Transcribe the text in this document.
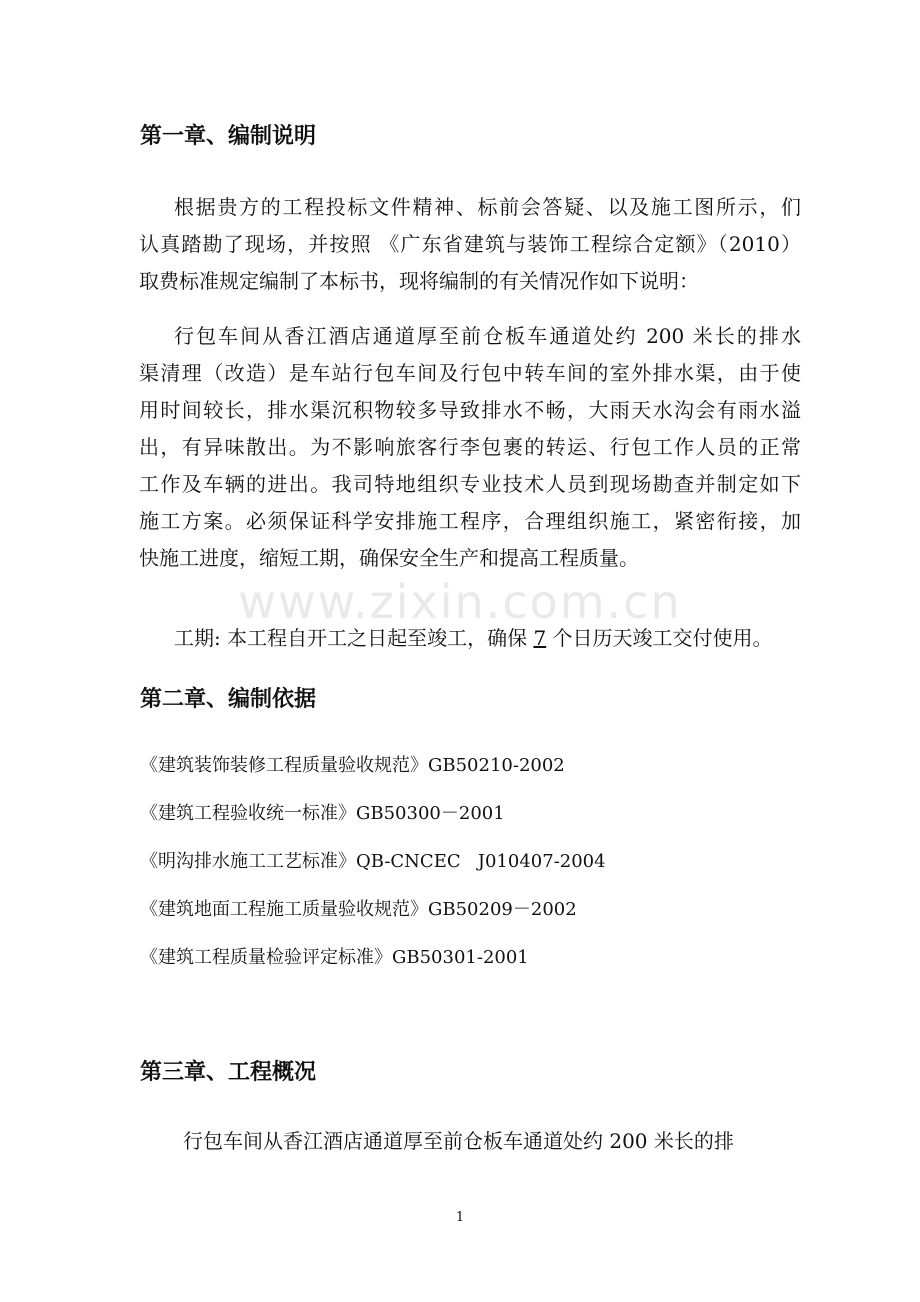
www.zixin.com.cn
第一章、编制说明
根据贵方的工程投标文件精神、标前会答疑、以及施工图所示，们
认真踏勘了现场，并按照 《广东省建筑与装饰工程综合定额》（2010）
取费标准规定编制了本标书，现将编制的有关情况作如下说明：
行包车间从香江酒店通道厚至前仓板车通道处约 200 米长的排水
渠清理（改造）是车站行包车间及行包中转车间的室外排水渠，由于使
用时间较长，排水渠沉积物较多导致排水不畅，大雨天水沟会有雨水溢
出，有异味散出。为不影响旅客行李包裹的转运、行包工作人员的正常
工作及车辆的进出。我司特地组织专业技术人员到现场勘查并制定如下
施工方案。必须保证科学安排施工程序，合理组织施工，紧密衔接，加
快施工进度，缩短工期，确保安全生产和提高工程质量。
工期: 本工程自开工之日起至竣工，确保 7 个日历天竣工交付使用。
第二章、编制依据
《建筑装饰装修工程质量验收规范》GB50210-2002
《建筑工程验收统一标准》GB50300－2001
《明沟排水施工工艺标准》QB-CNCEC   J010407-2004
《建筑地面工程施工质量验收规范》GB50209－2002
《建筑工程质量检验评定标准》GB50301-2001
第三章、工程概况
行包车间从香江酒店通道厚至前仓板车通道处约 200 米长的排
1
